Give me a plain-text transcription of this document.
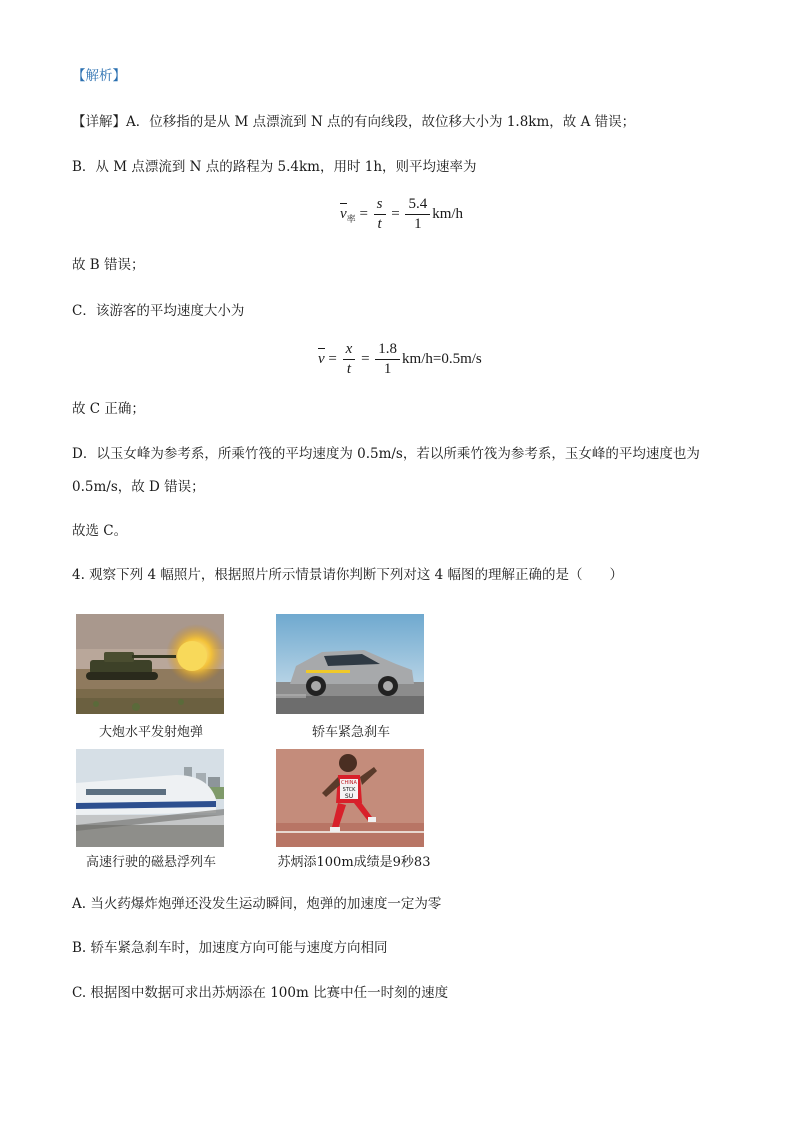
【解析】
【详解】A．位移指的是从 M 点漂流到 N 点的有向线段，故位移大小为 1.8km，故 A 错误；
B．从 M 点漂流到 N 点的路程为 5.4km，用时 1h，则平均速率为
$v_率 = \frac{s}{t} = \frac{5.4}{1} km/h$
故 B 错误；
C．该游客的平均速度大小为
$v = \frac{x}{t} = \frac{1.8}{1} km/h=0.5m/s$
故 C 正确；
D．以玉女峰为参考系，所乘竹筏的平均速度为 0.5m/s，若以所乘竹筏为参考系，玉女峰的平均速度也为
0.5m/s，故 D 错误；
故选 C。
4. 观察下列 4 幅照片，根据照片所示情景请你判断下列对这 4 幅图的理解正确的是（　　）
大炮水平发射炮弹	轿车紧急刹车
高速行驶的磁悬浮列车
CHINA
STCK
SU
苏炳添100m成绩是9秒83
A. 当火药爆炸炮弹还没发生运动瞬间，炮弹的加速度一定为零
B. 轿车紧急刹车时，加速度方向可能与速度方向相同
C. 根据图中数据可求出苏炳添在 100m 比赛中任一时刻的速度
